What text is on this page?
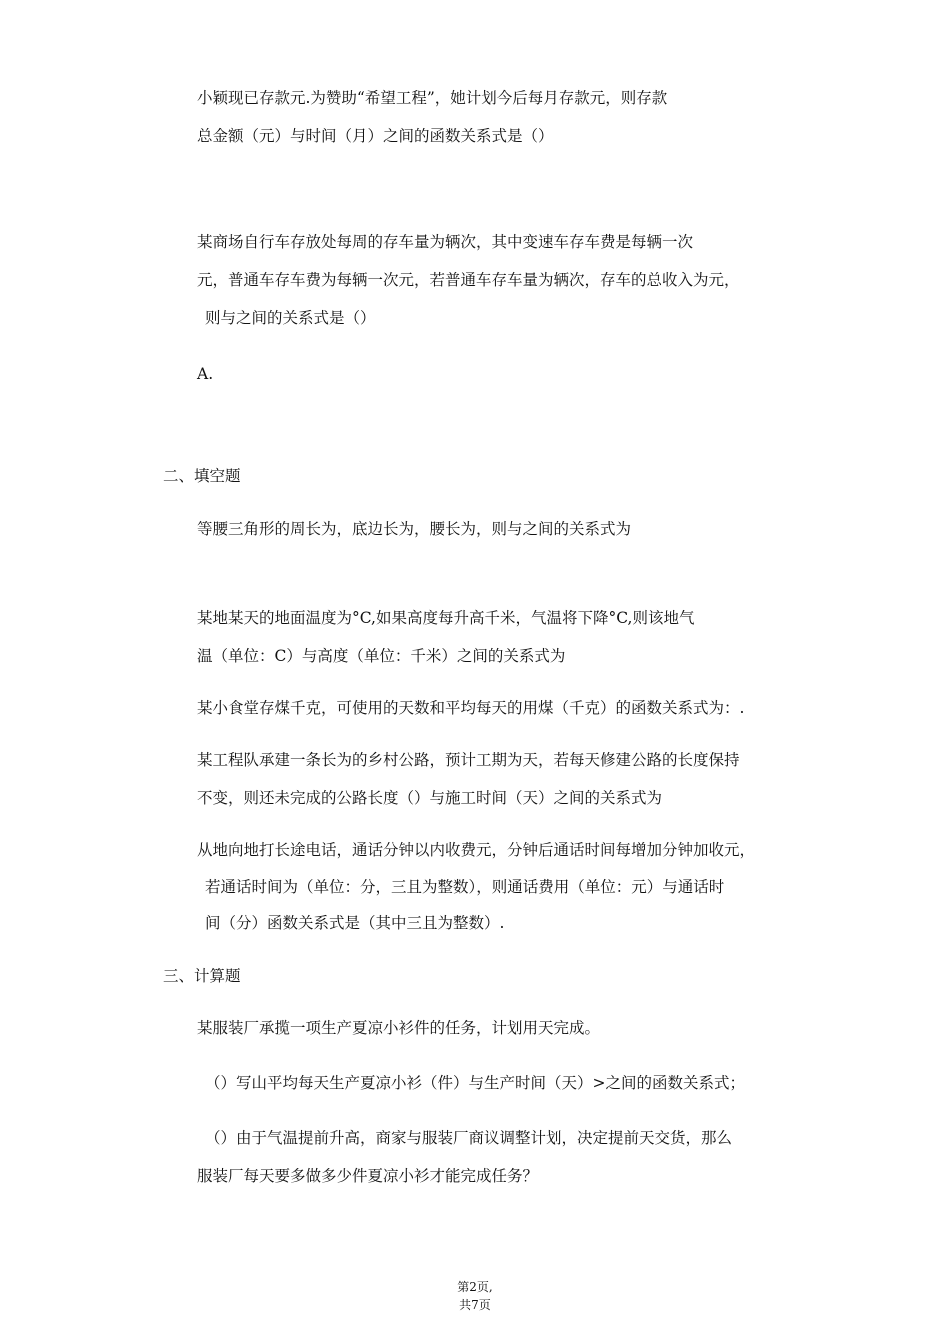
小颖现已存款元.为赞助“希望工程”，她计划今后每月存款元，则存款
总金额（元）与时间（月）之间的函数关系式是（）
某商场自行车存放处每周的存车量为辆次，其中变速车存车费是每辆一次
元，普通车存车费为每辆一次元，若普通车存车量为辆次，存车的总收入为元，
则与之间的关系式是（）
A.
二、填空题
等腰三角形的周长为，底边长为，腰长为，则与之间的关系式为
某地某天的地面温度为°C,如果高度每升高千米，气温将下降°C,则该地气
温（单位：C）与高度（单位：千米）之间的关系式为
某小食堂存煤千克，可使用的天数和平均每天的用煤（千克）的函数关系式为：.
某工程队承建一条长为的乡村公路，预计工期为天，若每天修建公路的长度保持
不变，则还未完成的公路长度（）与施工时间（天）之间的关系式为
从地向地打长途电话，通话分钟以内收费元，分钟后通话时间每增加分钟加收元，
若通话时间为（单位：分，三且为整数），则通话费用（单位：元）与通话时
间（分）函数关系式是（其中三且为整数）.
三、计算题
某服装厂承揽一项生产夏凉小衫件的任务，计划用天完成。
（）写山平均每天生产夏凉小衫（件）与生产时间（天）>之间的函数关系式；
（）由于气温提前升高，商家与服装厂商议调整计划，决定提前天交货，那么
服装厂每天要多做多少件夏凉小衫才能完成任务？
第2页,
共7页
